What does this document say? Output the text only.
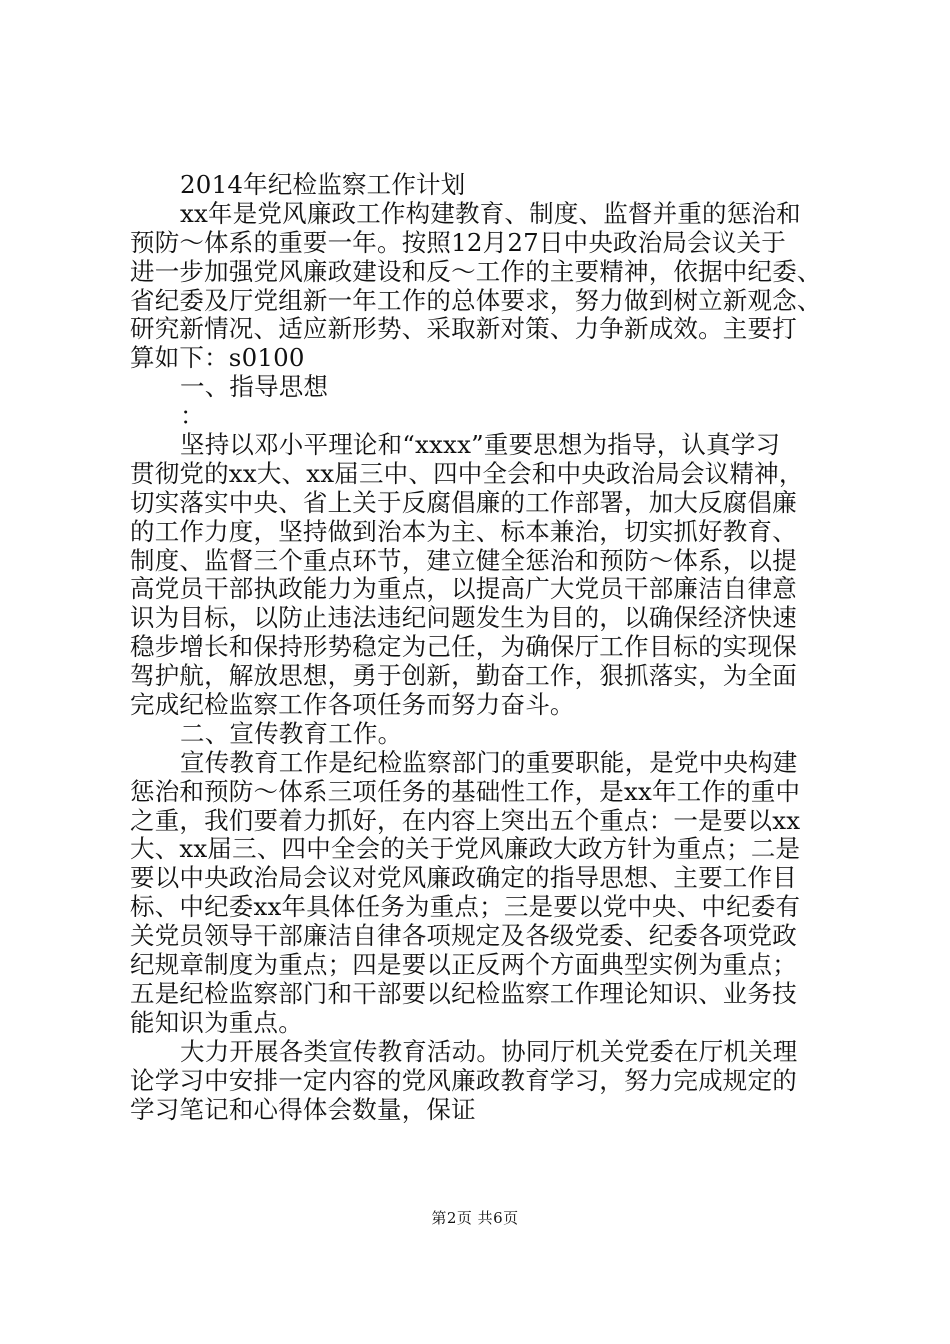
2014年纪检监察工作计划
xx年是党风廉政工作构建教育、制度、监督并重的惩治和
预防～体系的重要一年。按照12月27日中央政治局会议关于
进一步加强党风廉政建设和反～工作的主要精神，依据中纪委、
省纪委及厅党组新一年工作的总体要求，努力做到树立新观念、
研究新情况、适应新形势、采取新对策、力争新成效。主要打
算如下：s0100
一、指导思想
：
坚持以邓小平理论和“xxxx”重要思想为指导，认真学习
贯彻党的xx大、xx届三中、四中全会和中央政治局会议精神，
切实落实中央、省上关于反腐倡廉的工作部署，加大反腐倡廉
的工作力度，坚持做到治本为主、标本兼治，切实抓好教育、
制度、监督三个重点环节，建立健全惩治和预防～体系，以提
高党员干部执政能力为重点，以提高广大党员干部廉洁自律意
识为目标，以防止违法违纪问题发生为目的，以确保经济快速
稳步增长和保持形势稳定为己任，为确保厅工作目标的实现保
驾护航，解放思想，勇于创新，勤奋工作，狠抓落实，为全面
完成纪检监察工作各项任务而努力奋斗。
二、宣传教育工作。
宣传教育工作是纪检监察部门的重要职能，是党中央构建
惩治和预防～体系三项任务的基础性工作，是xx年工作的重中
之重，我们要着力抓好，在内容上突出五个重点：一是要以xx
大、xx届三、四中全会的关于党风廉政大政方针为重点；二是
要以中央政治局会议对党风廉政确定的指导思想、主要工作目
标、中纪委xx年具体任务为重点；三是要以党中央、中纪委有
关党员领导干部廉洁自律各项规定及各级党委、纪委各项党政
纪规章制度为重点；四是要以正反两个方面典型实例为重点；
五是纪检监察部门和干部要以纪检监察工作理论知识、业务技
能知识为重点。
大力开展各类宣传教育活动。协同厅机关党委在厅机关理
论学习中安排一定内容的党风廉政教育学习，努力完成规定的
学习笔记和心得体会数量，保证
第2页 共6页
